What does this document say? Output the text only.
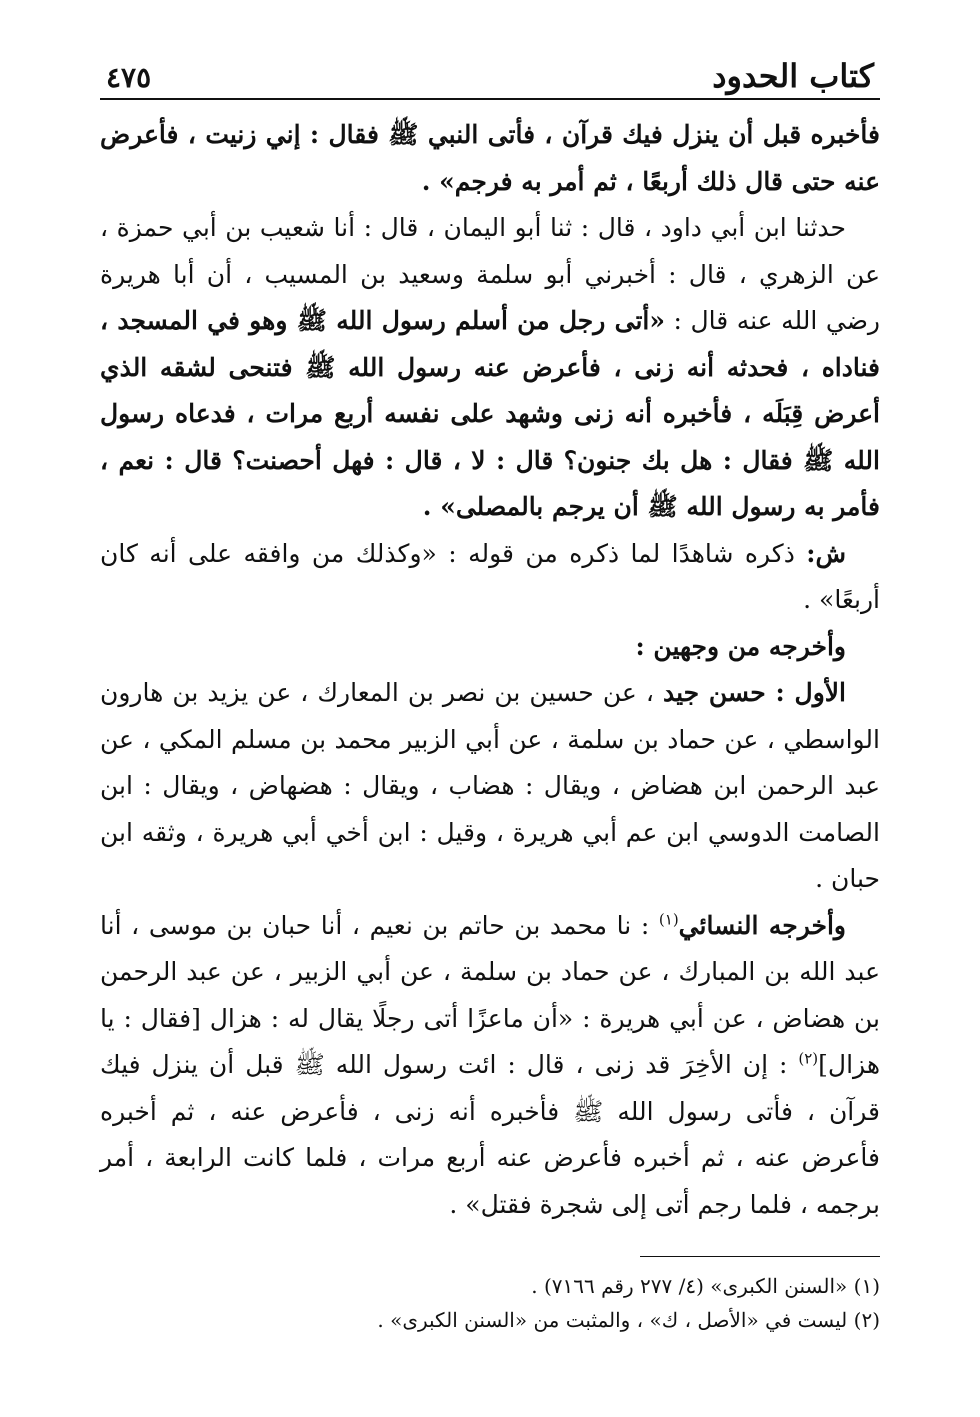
كتاب الحدود
٤٧٥

فأخبره قبل أن ينزل فيك قرآن ، فأتى النبي ﷺ فقال : إني زنيت ، فأعرض عنه حتى قال ذلك أربعًا ، ثم أمر به فرجم» .

حدثنا ابن أبي داود ، قال : ثنا أبو اليمان ، قال : أنا شعيب بن أبي حمزة ، عن الزهري ، قال : أخبرني أبو سلمة وسعيد بن المسيب ، أن أبا هريرة رضي الله عنه قال : «أتى رجل من أسلم رسول الله ﷺ وهو في المسجد ، فناداه ، فحدثه أنه زنى ، فأعرض عنه رسول الله ﷺ فتنحى لشقه الذي أعرض قِبَلَه ، فأخبره أنه زنى وشهد على نفسه أربع مرات ، فدعاه رسول الله ﷺ فقال : هل بك جنون؟ قال : لا ، قال : فهل أحصنت؟ قال : نعم ، فأمر به رسول الله ﷺ أن يرجم بالمصلى» .

ش: ذكره شاهدًا لما ذكره من قوله : «وكذلك من وافقه على أنه كان أربعًا» .

وأخرجه من وجهين :

الأول : حسن جيد ، عن حسين بن نصر بن المعارك ، عن يزيد بن هارون الواسطي ، عن حماد بن سلمة ، عن أبي الزبير محمد بن مسلم المكي ، عن عبد الرحمن ابن هضاض ، ويقال : هضاب ، ويقال : هضهاض ، ويقال : ابن الصامت الدوسي ابن عم أبي هريرة ، وقيل : ابن أخي أبي هريرة ، وثقه ابن حبان .

وأخرجه النسائي$^{(١)}$ : نا محمد بن حاتم بن نعيم ، أنا حبان بن موسى ، أنا عبد الله بن المبارك ، عن حماد بن سلمة ، عن أبي الزبير ، عن عبد الرحمن بن هضاض ، عن أبي هريرة : «أن ماعزًا أتى رجلًا يقال له : هزال [فقال : يا هزال]$^{(٢)}$ : إن الأخِرَ قد زنى ، قال : ائت رسول الله ﷺ قبل أن ينزل فيك قرآن ، فأتى رسول الله ﷺ فأخبره أنه زنى ، فأعرض عنه ، ثم أخبره فأعرض عنه ، ثم أخبره فأعرض عنه أربع مرات ، فلما كانت الرابعة ، أمر برجمه ، فلما رجم أتى إلى شجرة فقتل» .

(١) «السنن الكبرى» (٤/ ٢٧٧ رقم ٧١٦٦) .

(٢) ليست في «الأصل ، ك» ، والمثبت من «السنن الكبرى» .
